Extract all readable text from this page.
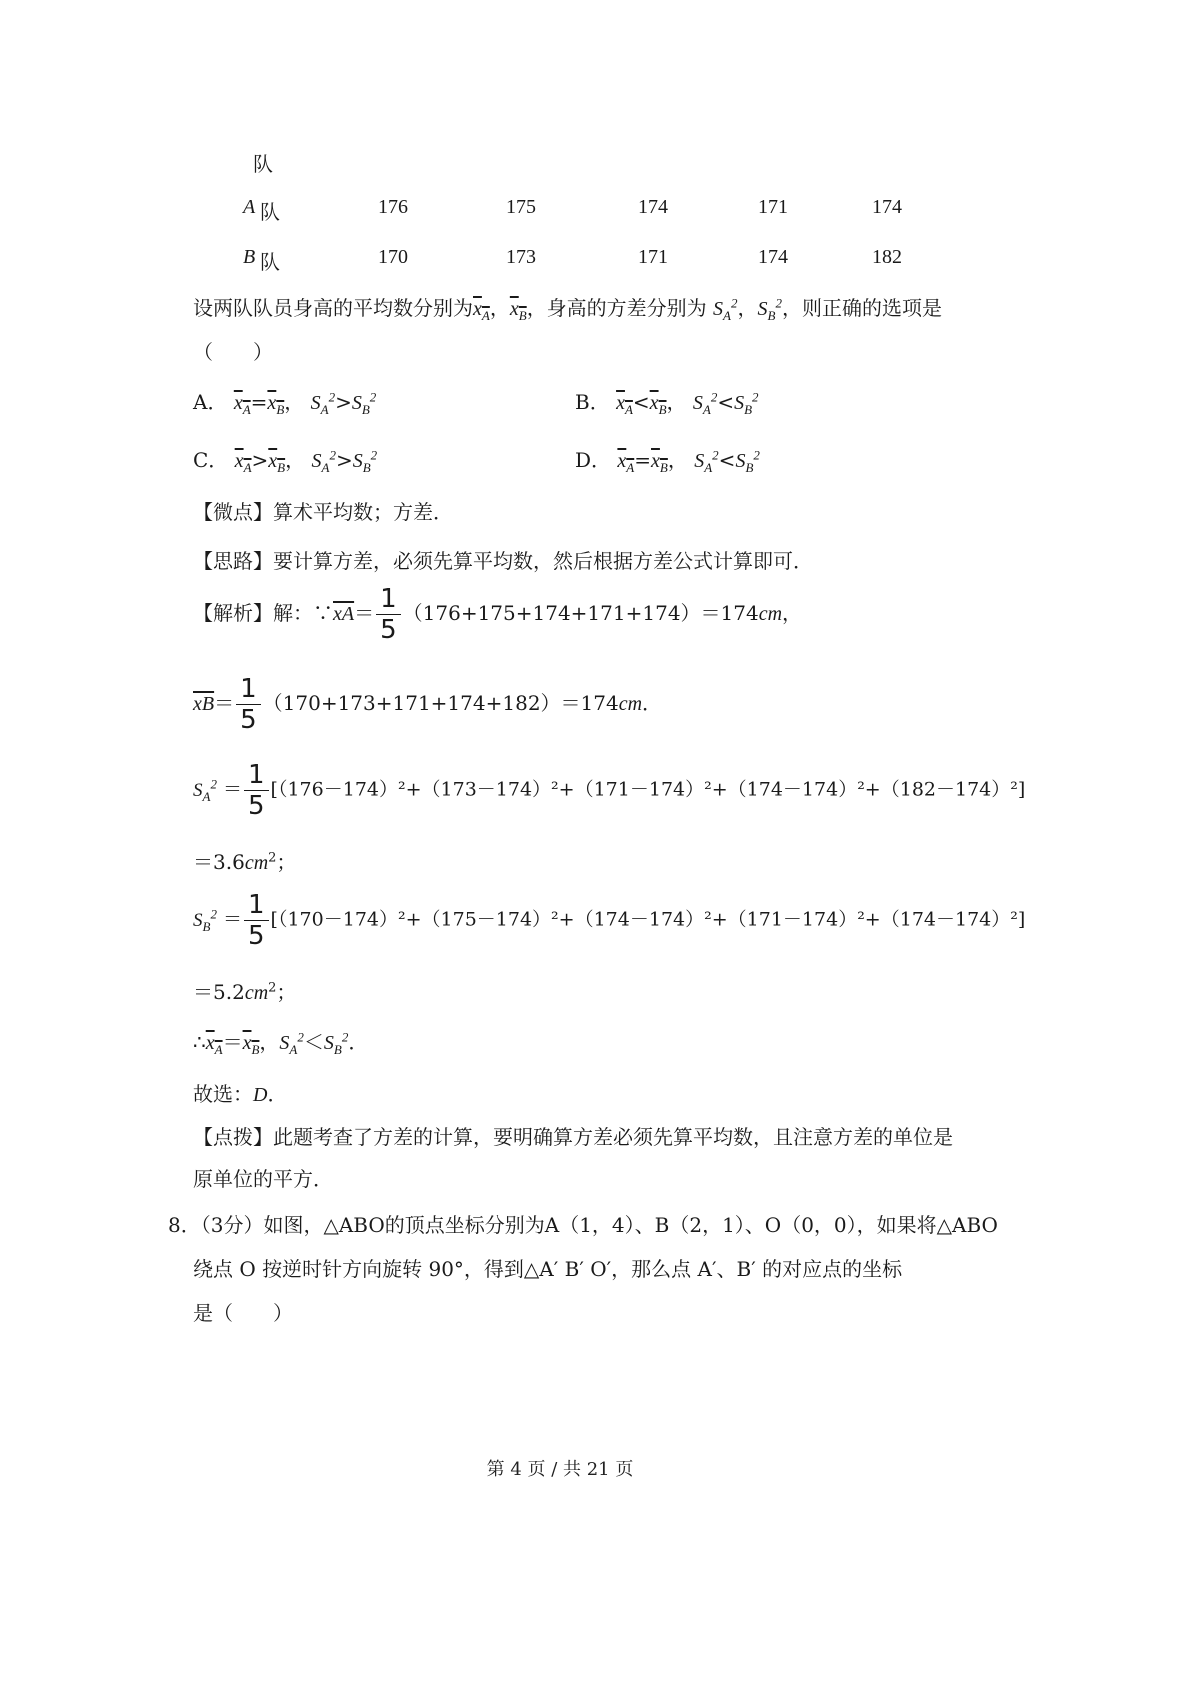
队
A 队	176	175	174	171	174
B 队	170	173	171	174	182
设两队队员身高的平均数分别为$x_A$，$x_B$，身高的方差分别为 $S_A^2$，$S_B^2$，则正确的选项是
（　　）
A． $x_A=x_B$， $S_A^2>S_B^2$	B． $x_A<x_B$， $S_A^2<S_B^2$
C． $x_A>x_B$， $S_A^2>S_B^2$	D． $x_A=x_B$， $S_A^2<S_B^2$
【微点】算术平均数；方差．
【思路】要计算方差，必须先算平均数，然后根据方差公式计算即可．
【解析】解：$\because\overline{xA}= \frac{1}{5} (176+175+174+171+174)=174cm$，
$\overline{xB}= \frac{1}{5} (170+173+171+174+182)=174cm$．
$S_A^2 = \frac{1}{5} [(176-174)^2+(173-174)^2+(171-174)^2+(174-174)^2+(182-174)^2]$
$=3.6cm^2$；
$S_B^2 = \frac{1}{5} [(170-174)^2+(175-174)^2+(174-174)^2+(171-174)^2+(174-174)^2]$
$=5.2cm^2$；
$\therefore x_A=x_B$，$S_A^2<S_B^2$．
故选：D．
【点拨】此题考查了方差的计算，要明确算方差必须先算平均数，且注意方差的单位是
原单位的平方．
8．（3分）如图，△ABO的顶点坐标分别为A（1，4）、B（2，1）、O（0，0），如果将△ABO
绕点 O 按逆时针方向旋转 90°，得到△A′ B′ O′，那么点 A′、B′ 的对应点的坐标
是（　　）
第 4 页 / 共 21 页
